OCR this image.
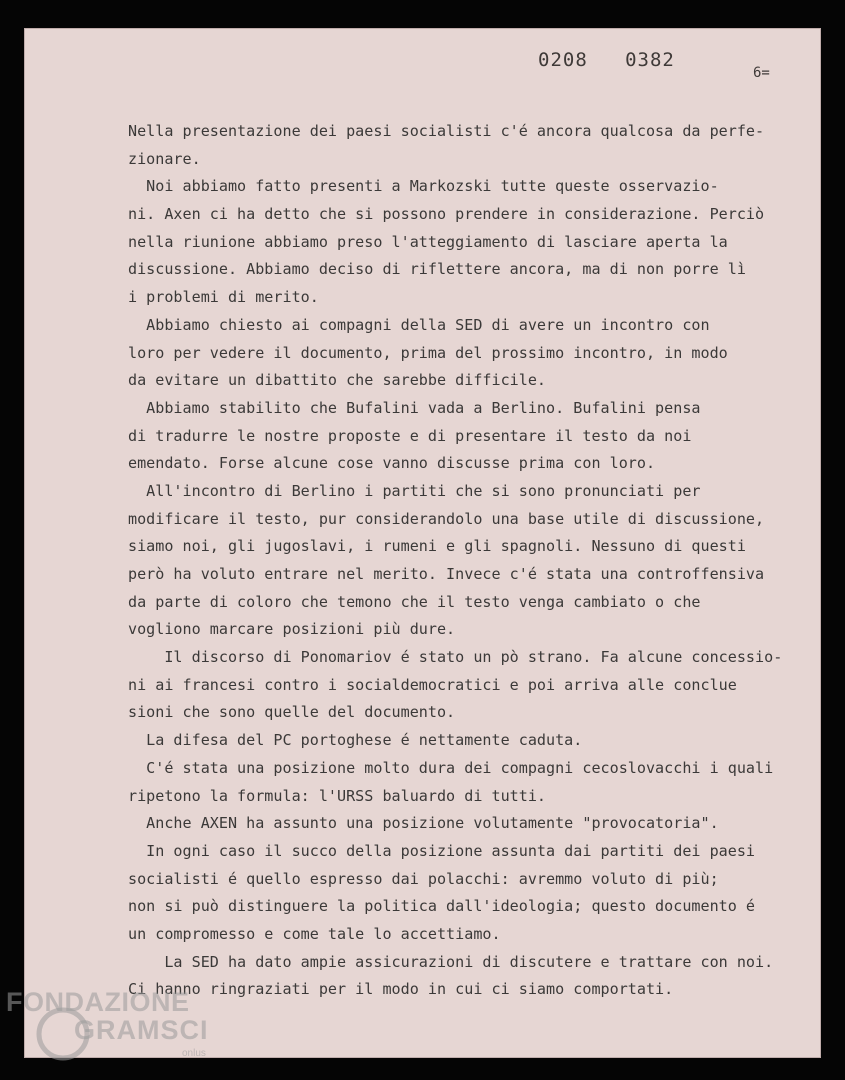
0208   0382
6=
Nella presentazione dei paesi socialisti c'é ancora qualcosa da perfe-
zionare.
Noi abbiamo fatto presenti a Markozski tutte queste osservazio-
ni. Axen ci ha detto che si possono prendere in considerazione. Perciò
nella riunione abbiamo preso l'atteggiamento di lasciare aperta la
discussione. Abbiamo deciso di riflettere ancora, ma di non porre lì
i problemi di merito.
Abbiamo chiesto ai compagni della SED di avere un incontro con
loro per vedere il documento, prima del prossimo incontro, in modo
da evitare un dibattito che sarebbe difficile.
Abbiamo stabilito che Bufalini vada a Berlino. Bufalini pensa
di tradurre le nostre proposte e di presentare il testo da noi
emendato. Forse alcune cose vanno discusse prima con loro.
All'incontro di Berlino i partiti che si sono pronunciati per
modificare il testo, pur considerandolo una base utile di discussione,
siamo noi, gli jugoslavi, i rumeni e gli spagnoli. Nessuno di questi
però ha voluto entrare nel merito. Invece c'é stata una controffensiva
da parte di coloro che temono che il testo venga cambiato o che
vogliono marcare posizioni più dure.
Il discorso di Ponomariov é stato un pò strano. Fa alcune concessio-
ni ai francesi contro i socialdemocratici e poi arriva alle conclue
sioni che sono quelle del documento.
La difesa del PC portoghese é nettamente caduta.
C'é stata una posizione molto dura dei compagni cecoslovacchi i quali
ripetono la formula: l'URSS baluardo di tutti.
Anche AXEN ha assunto una posizione volutamente "provocatoria".
In ogni caso il succo della posizione assunta dai partiti dei paesi
socialisti é quello espresso dai polacchi: avremmo voluto di più;
non si può distinguere la politica dall'ideologia; questo documento é
un compromesso e come tale lo accettiamo.
La SED ha dato ampie assicurazioni di discutere e trattare con noi.
Ci hanno ringraziati per il modo in cui ci siamo comportati.
FONDAZIONE
GRAMSCI
onlus
